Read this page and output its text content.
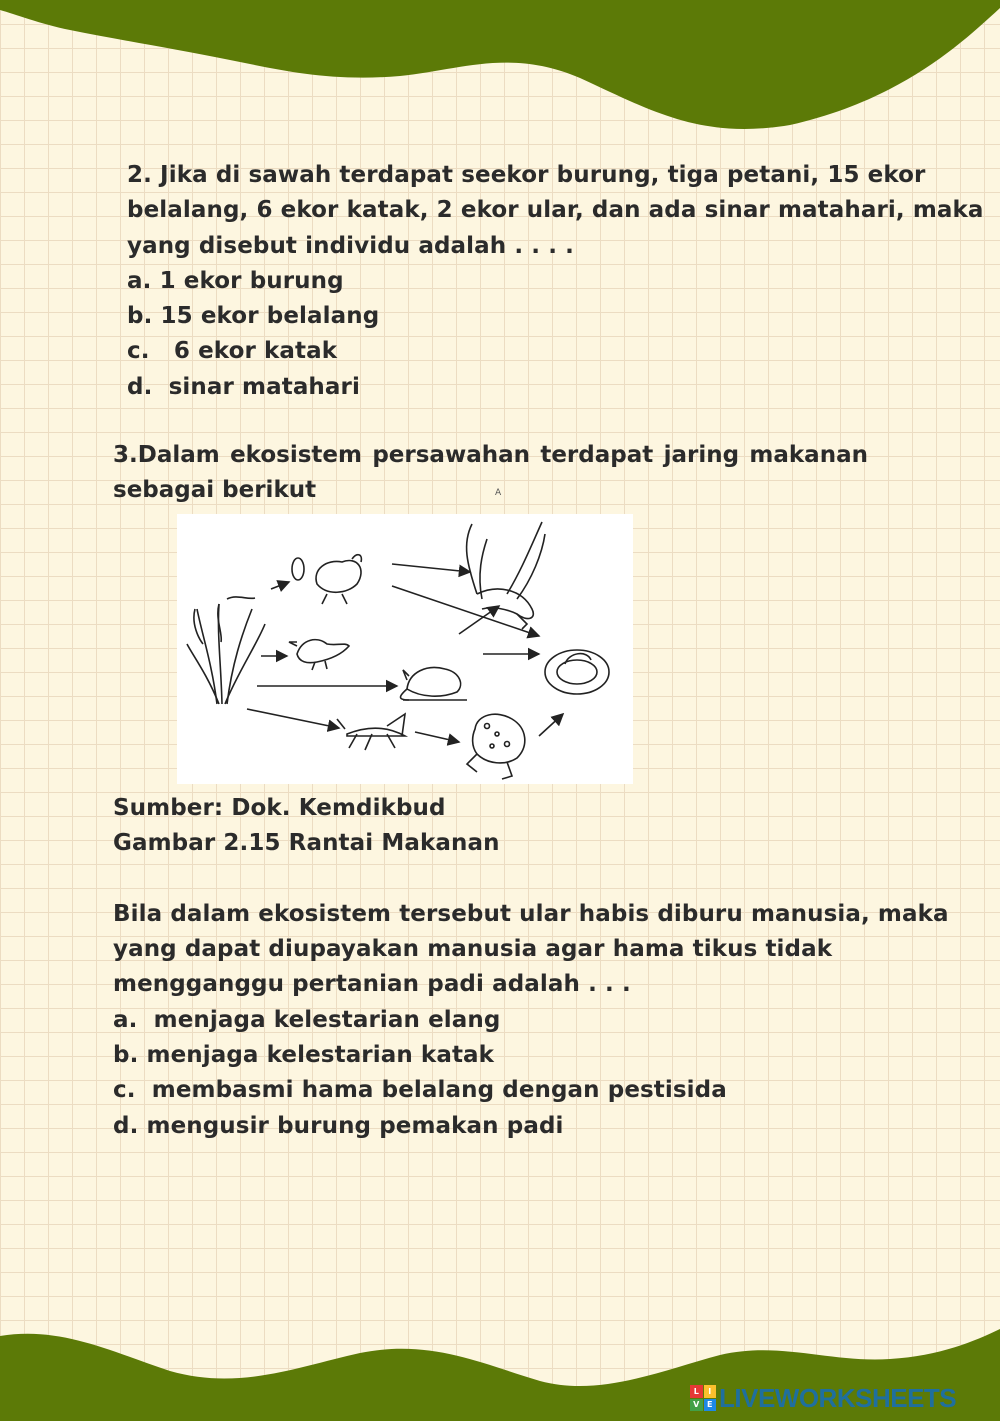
2. Jika di sawah terdapat seekor burung, tiga petani, 15 ekor
belalang, 6 ekor katak, 2 ekor ular, dan ada sinar matahari, maka
yang disebut individu adalah . . . .
a. 1 ekor burung
b. 15 ekor belalang
c.   6 ekor katak
d.  sinar matahari
3.Dalam ekosistem persawahan terdapat jaring makanan
sebagai berikut	A
Sumber: Dok. Kemdikbud
Gambar 2.15 Rantai Makanan
Bila dalam ekosistem tersebut ular habis diburu manusia, maka
yang dapat diupayakan manusia agar hama tikus tidak
mengganggu pertanian padi adalah . . .
a.  menjaga kelestarian elang
b. menjaga kelestarian katak
c.  membasmi hama belalang dengan pestisida
d. mengusir burung pemakan padi
L	I
V E LIVEWORKSHEETS
